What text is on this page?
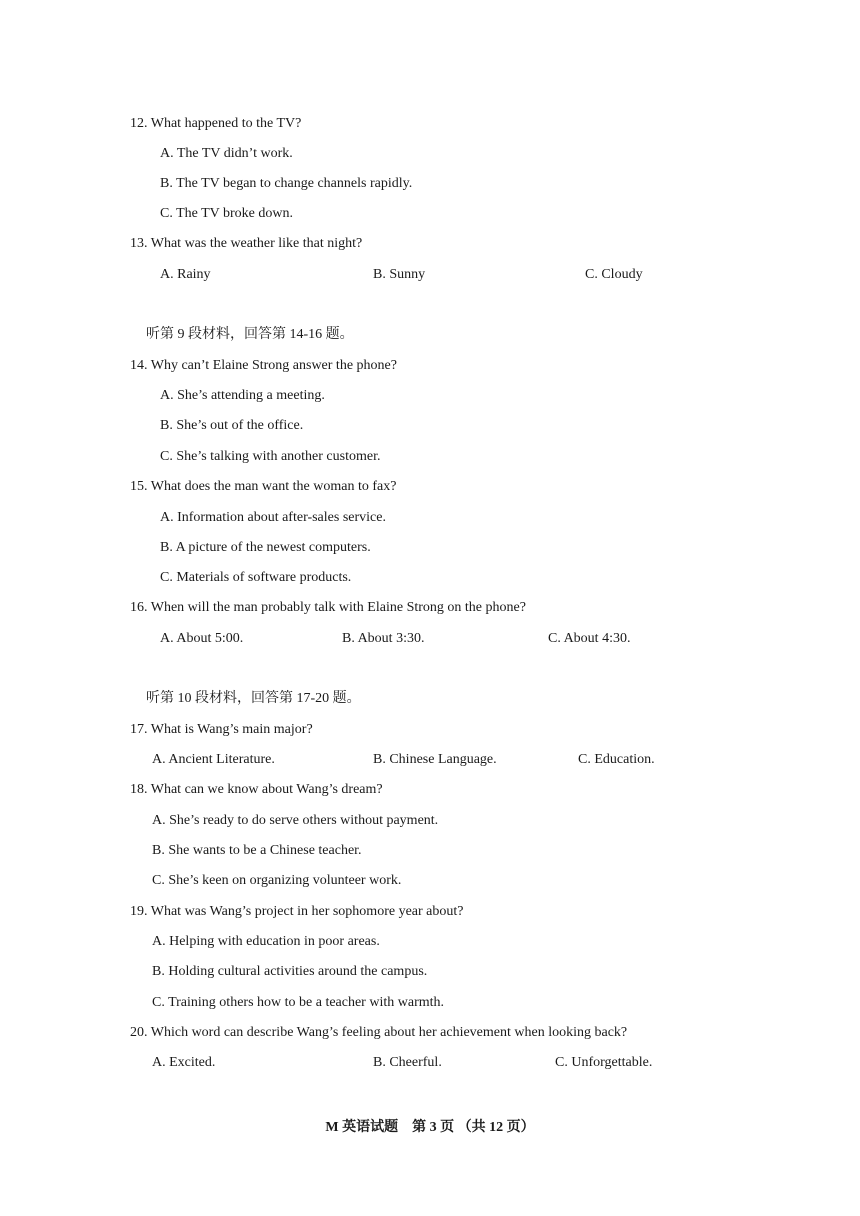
12. What happened to the TV?
A. The TV didn’t work.
B. The TV began to change channels rapidly.
C. The TV broke down.
13. What was the weather like that night?
A. Rainy	B. Sunny	C. Cloudy
听第 9 段材料，回答第 14-16 题。
14. Why can’t Elaine Strong answer the phone?
A. She’s attending a meeting.
B. She’s out of the office.
C. She’s talking with another customer.
15. What does the man want the woman to fax?
A. Information about after-sales service.
B. A picture of the newest computers.
C. Materials of software products.
16. When will the man probably talk with Elaine Strong on the phone?
A. About 5:00.	B. About 3:30.	C. About 4:30.
听第 10 段材料，回答第 17-20 题。
17. What is Wang’s main major?
A. Ancient Literature.	B. Chinese Language.	C. Education.
18. What can we know about Wang’s dream?
A. She’s ready to do serve others without payment.
B. She wants to be a Chinese teacher.
C. She’s keen on organizing volunteer work.
19. What was Wang’s project in her sophomore year about?
A. Helping with education in poor areas.
B. Holding cultural activities around the campus.
C. Training others how to be a teacher with warmth.
20. Which word can describe Wang’s feeling about her achievement when looking back?
A. Excited.	B. Cheerful.	C. Unforgettable.
M 英语试题　第 3 页 （共 12 页）
